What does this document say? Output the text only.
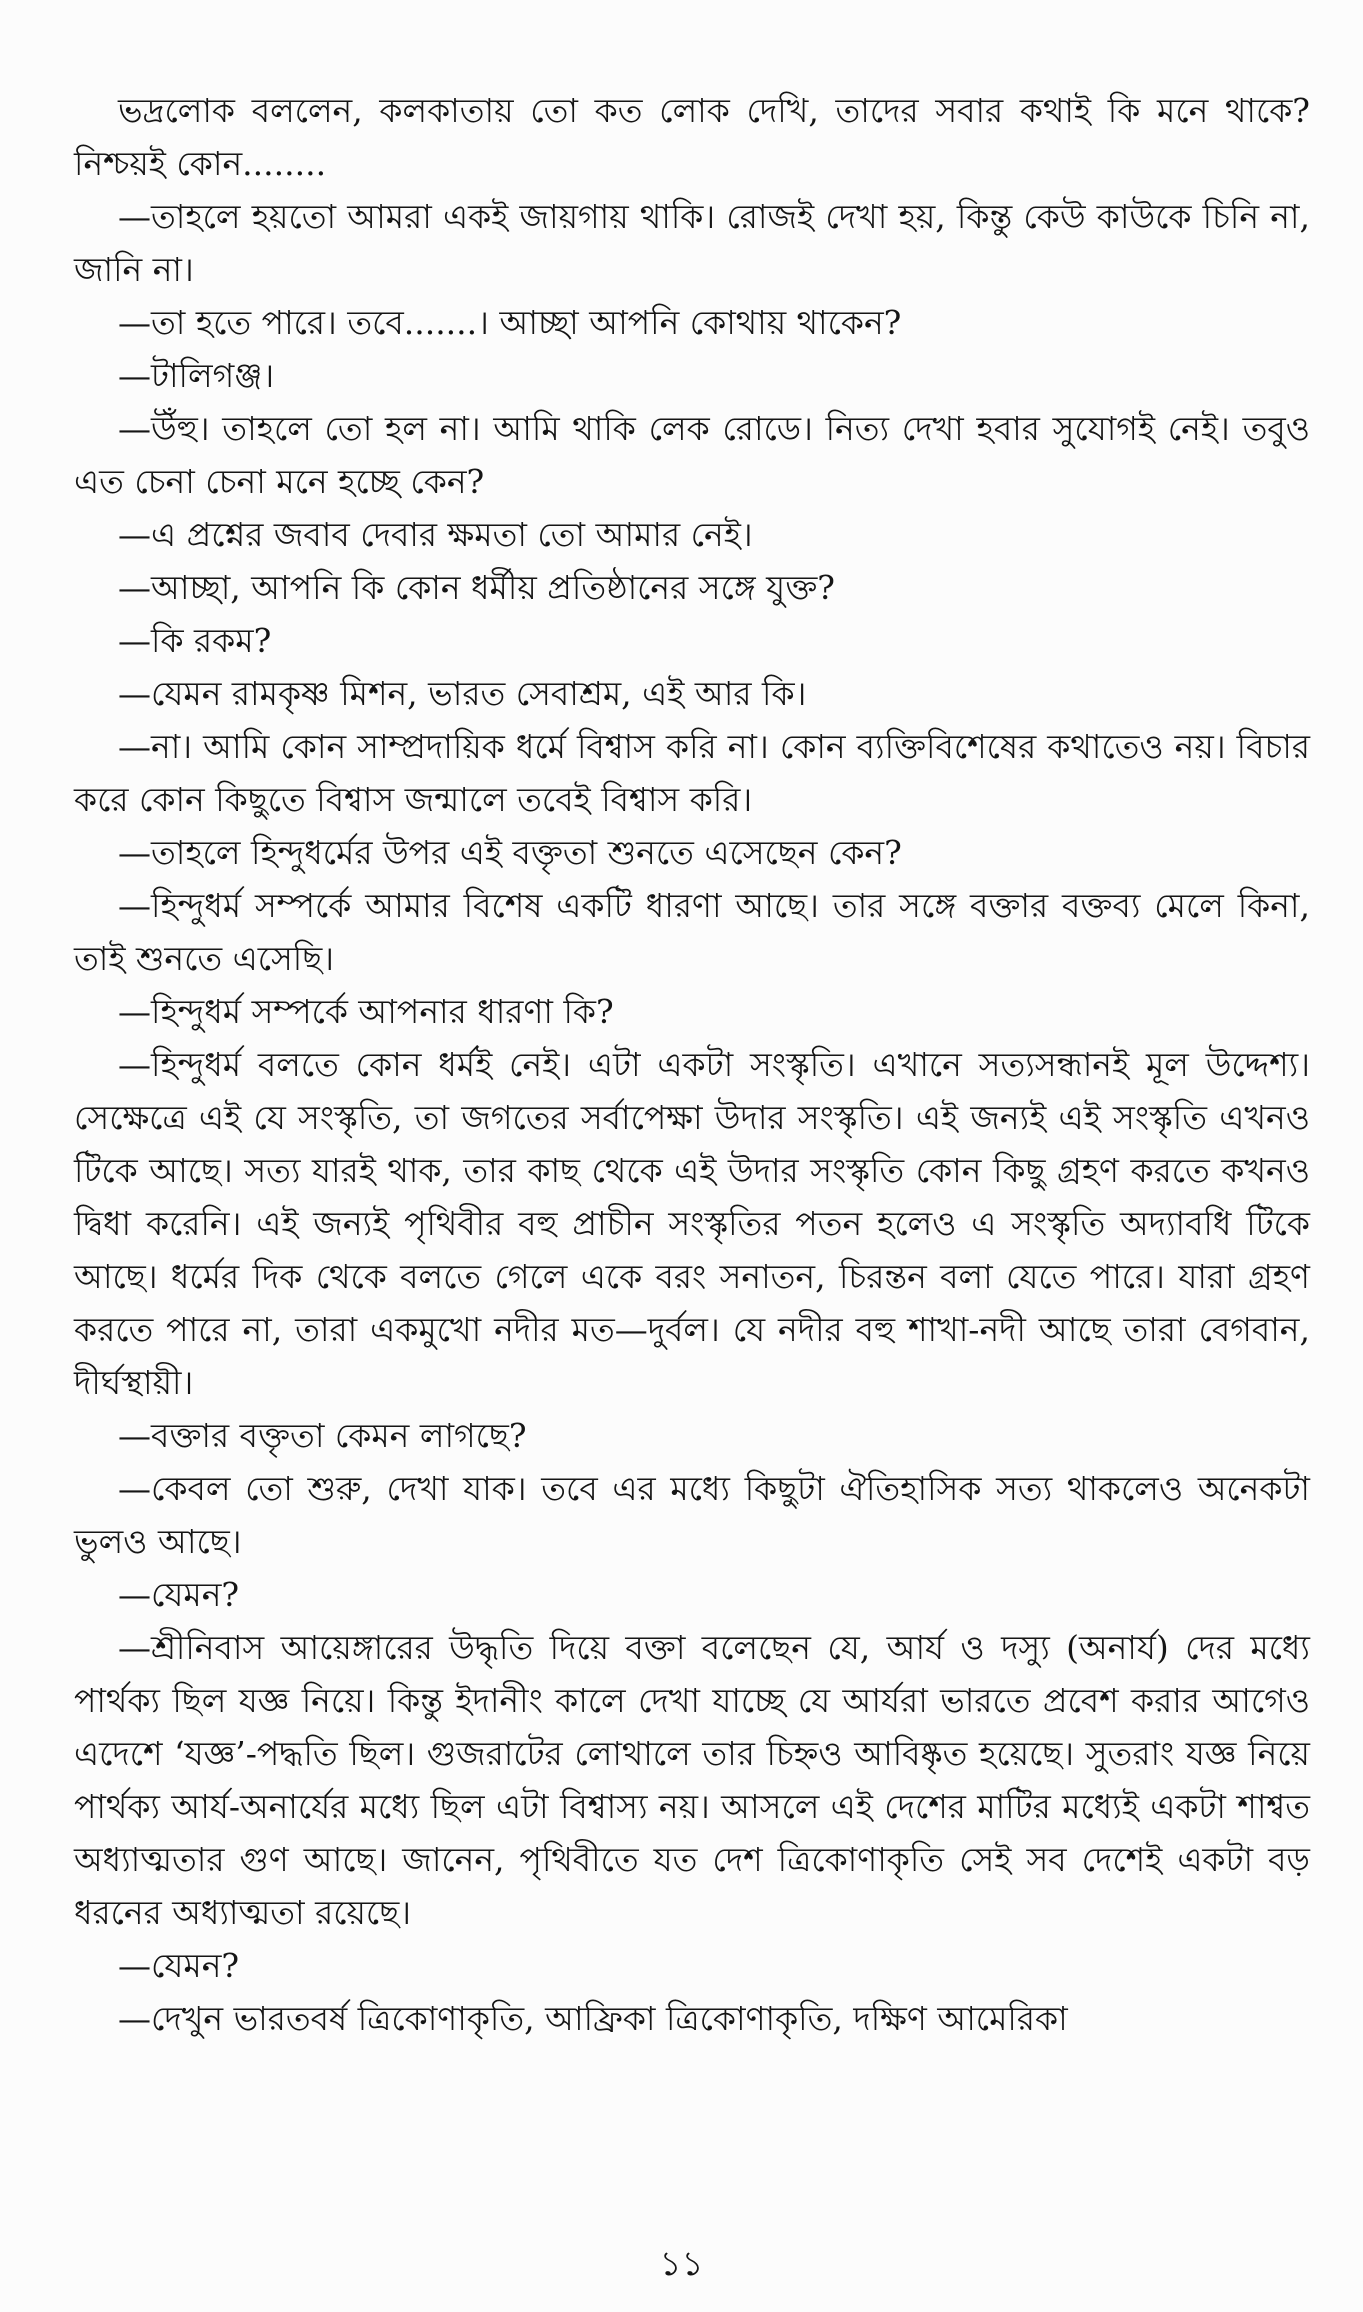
ভদ্রলোক বললেন, কলকাতায় তো কত লোক দেখি, তাদের সবার কথাই কি মনে থাকে? নিশ্চয়ই কোন........

—তাহলে হয়তো আমরা একই জায়গায় থাকি। রোজই দেখা হয়, কিন্তু কেউ কাউকে চিনি না, জানি না।

—তা হতে পারে। তবে.......। আচ্ছা আপনি কোথায় থাকেন?

—টালিগঞ্জ।

—উঁহু। তাহলে তো হল না। আমি থাকি লেক রোডে। নিত্য দেখা হবার সুযোগই নেই। তবুও এত চেনা চেনা মনে হচ্ছে কেন?

—এ প্রশ্নের জবাব দেবার ক্ষমতা তো আমার নেই।

—আচ্ছা, আপনি কি কোন ধর্মীয় প্রতিষ্ঠানের সঙ্গে যুক্ত?

—কি রকম?

—যেমন রামকৃষ্ণ মিশন, ভারত সেবাশ্রম, এই আর কি।

—না। আমি কোন সাম্প্রদায়িক ধর্মে বিশ্বাস করি না। কোন ব্যক্তিবিশেষের কথাতেও নয়। বিচার করে কোন কিছুতে বিশ্বাস জন্মালে তবেই বিশ্বাস করি।

—তাহলে হিন্দুধর্মের উপর এই বক্তৃতা শুনতে এসেছেন কেন?

—হিন্দুধর্ম সম্পর্কে আমার বিশেষ একটি ধারণা আছে। তার সঙ্গে বক্তার বক্তব্য মেলে কিনা, তাই শুনতে এসেছি।

—হিন্দুধর্ম সম্পর্কে আপনার ধারণা কি?

—হিন্দুধর্ম বলতে কোন ধর্মই নেই। এটা একটা সংস্কৃতি। এখানে সত্যসন্ধানই মূল উদ্দেশ্য। সেক্ষেত্রে এই যে সংস্কৃতি, তা জগতের সর্বাপেক্ষা উদার সংস্কৃতি। এই জন্যই এই সংস্কৃতি এখনও টিকে আছে। সত্য যারই থাক, তার কাছ থেকে এই উদার সংস্কৃতি কোন কিছু গ্রহণ করতে কখনও দ্বিধা করেনি। এই জন্যই পৃথিবীর বহু প্রাচীন সংস্কৃতির পতন হলেও এ সংস্কৃতি অদ্যাবধি টিকে আছে। ধর্মের দিক থেকে বলতে গেলে একে বরং সনাতন, চিরন্তন বলা যেতে পারে। যারা গ্রহণ করতে পারে না, তারা একমুখো নদীর মত—দুর্বল। যে নদীর বহু শাখা-নদী আছে তারা বেগবান, দীর্ঘস্থায়ী।

—বক্তার বক্তৃতা কেমন লাগছে?

—কেবল তো শুরু, দেখা যাক। তবে এর মধ্যে কিছুটা ঐতিহাসিক সত্য থাকলেও অনেকটা ভুলও আছে।

—যেমন?

—শ্রীনিবাস আয়েঙ্গারের উদ্ধৃতি দিয়ে বক্তা বলেছেন যে, আর্য ও দস্যু (অনার্য) দের মধ্যে পার্থক্য ছিল যজ্ঞ নিয়ে। কিন্তু ইদানীং কালে দেখা যাচ্ছে যে আর্যরা ভারতে প্রবেশ করার আগেও এদেশে ‘যজ্ঞ’-পদ্ধতি ছিল। গুজরাটের লোথালে তার চিহ্নও আবিষ্কৃত হয়েছে। সুতরাং যজ্ঞ নিয়ে পার্থক্য আর্য-অনার্যের মধ্যে ছিল এটা বিশ্বাস্য নয়। আসলে এই দেশের মাটির মধ্যেই একটা শাশ্বত অধ্যাত্মতার গুণ আছে। জানেন, পৃথিবীতে যত দেশ ত্রিকোণাকৃতি সেই সব দেশেই একটা বড় ধরনের অধ্যাত্মতা রয়েছে।

—যেমন?

—দেখুন ভারতবর্ষ ত্রিকোণাকৃতি, আফ্রিকা ত্রিকোণাকৃতি, দক্ষিণ আমেরিকা

১১
